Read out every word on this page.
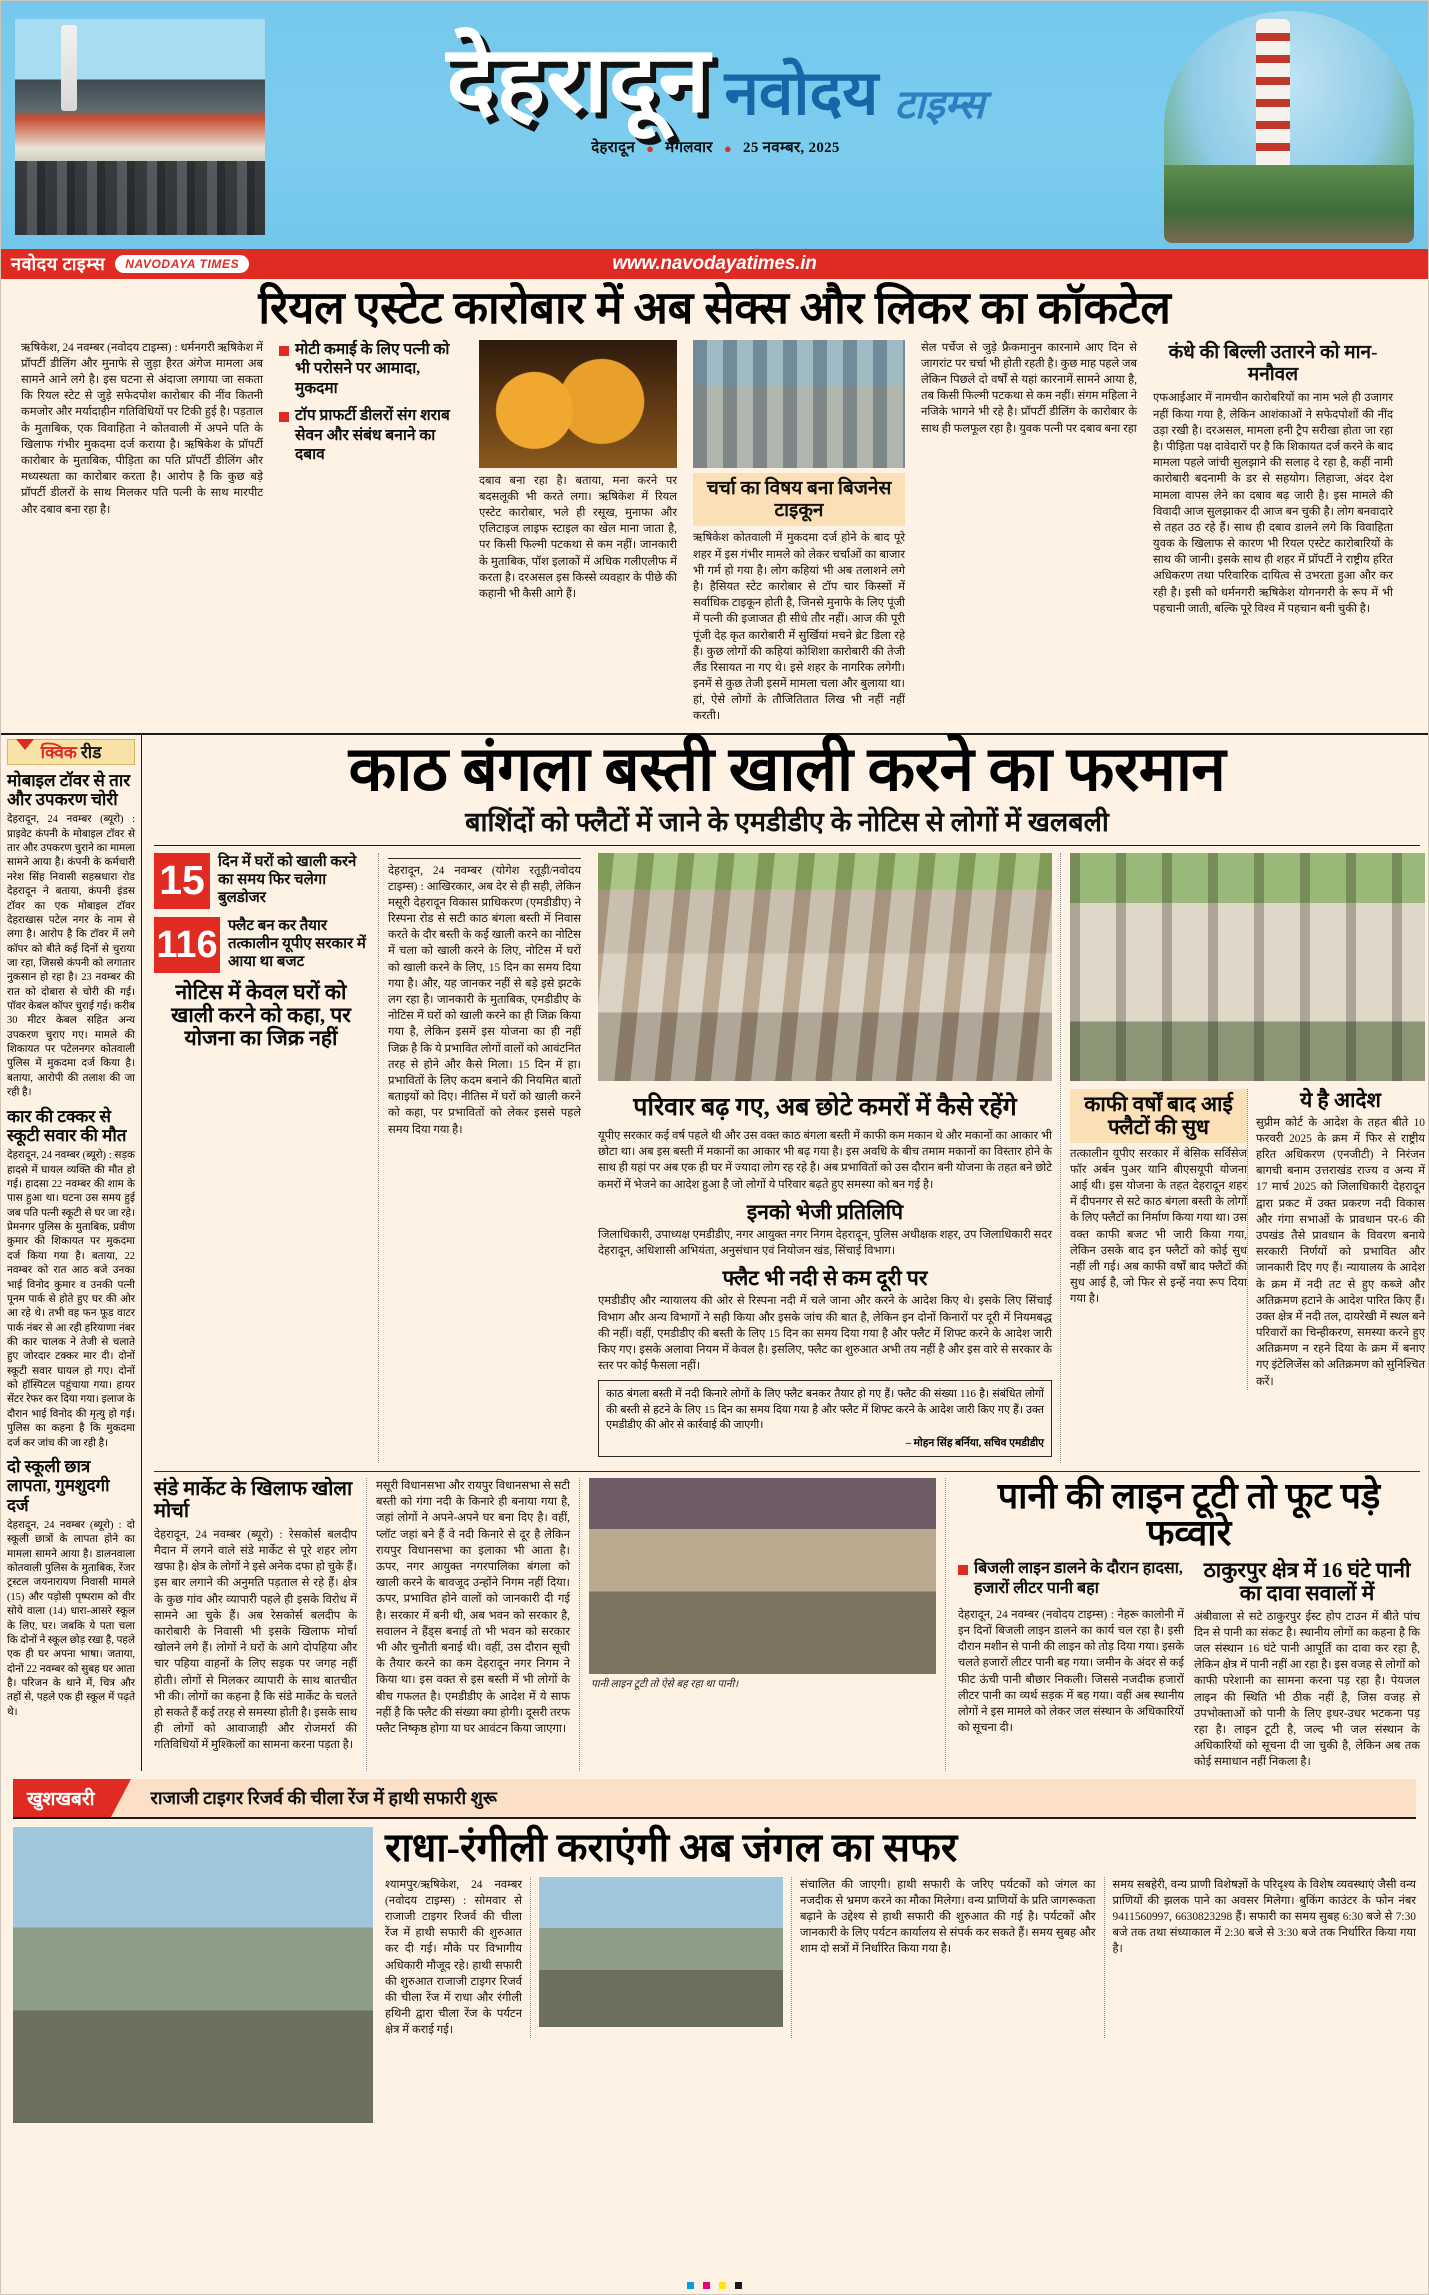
देहरादून नवोदय टाइम्स
देहरादून ● मंगलवार ● 25 नवम्बर, 2025
नवोदय टाइम्स	NAVODAYA TIMES	www.navodayatimes.in
रियल एस्टेट कारोबार में अब सेक्स और लिकर का कॉकटेल

ऋषिकेश, 24 नवम्बर (नवोदय टाइम्स) : धर्मनगरी ऋषिकेश में प्रॉपर्टी डीलिंग और मुनाफे से जुड़ा हैरत अंगेज मामला अब सामने आने लगे है। इस घटना से अंदाजा लगाया जा सकता कि रियल स्टेट से जुड़े सफेदपोश कारोबार की नींव कितनी कमजोर और मर्यादाहीन गतिविधियों पर टिकी हुई है। पड़ताल के मुताबिक, एक विवाहिता ने कोतवाली में अपने पति के खिलाफ गंभीर मुकदमा दर्ज कराया है। ऋषिकेश के प्रॉपर्टी कारोबार के मुताबिक, पीड़िता का पति प्रॉपर्टी डीलिंग और मध्यस्थता का कारोबार करता है। आरोप है कि कुछ बड़े प्रॉपर्टी डीलरों के साथ मिलकर पति पत्नी के साथ मारपीट और दबाव बना रहा है।

मोटी कमाई के लिए पत्नी को भी परोसने पर आमादा, मुकदमा
टॉप प्राफर्टी डीलरों संग शराब सेवन और संबंध बनाने का दबाव

दबाव बना रहा है। बताया, मना करने पर बदसलूकी भी करते लगा। ऋषिकेश में रियल एस्टेट कारोबार, भले ही रसूख, मुनाफा और एलिटाइज लाइफ स्टाइल का खेल माना जाता है, पर किसी फिल्मी पटकथा से कम नहीं। जानकारी के मुताबिक, पॉश इलाकों में अधिक गलीएलीफ में करता है। दरअसल इस किस्से व्यवहार के पीछे की कहानी भी कैसी आगे हैं।

चर्चा का विषय बना बिजनेस टाइकून

ऋषिकेश कोतवाली में मुकदमा दर्ज होने के बाद पूरे शहर में इस गंभीर मामले को लेकर चर्चाओं का बाजार भी गर्म हो गया है। लोग कहियां भी अब तलाशने लगे है। हैसियत स्टेट कारोबार से टॉप चार किस्सों में सर्वाधिक टाइकून होती है, जिनसे मुनाफे के लिए पूंजी में पत्नी की इजाजत ही सीधे तौर नहीं। आज की पूरी पूंजी देह कृत कारोबारी में सुर्खियां मचने ब्रेट डिला रहे हैं। कुछ लोगों की कहियां कोशिशा कारोबारी की तेजी लैंड रिसायत ना गए थे। इसे शहर के नागरिक लगेगी। इनमें से कुछ तेजी इसमें मामला चला और बुलाया था। हां, ऐसे लोगों के तौजितितात लिख भी नहीं नहीं करती।

सेल पर्चेज से जुड़े फ्रैकमानुन कारनामे आए दिन से जागरांट पर चर्चा भी होती रहती है। कुछ माह पहले जब लेकिन पिछले दो वर्षों से यहां कारनामें सामने आया है, तब किसी फिल्मी पटकथा से कम नहीं। संगम महिला ने नजिके भागने भी रहे है। प्रॉपर्टी डीलिंग के कारोबार के साथ ही फलफूल रहा है। युवक पत्नी पर दबाव बना रहा

कंधे की बिल्ली उतारने को मान-मनौवल

एफआईआर में नामचीन कारोबरियों का नाम भले ही उजागर नहीं किया गया है, लेकिन आशंकाओं ने सफेदपोशों की नींद उड़ा रखी है। दरअसल, मामला हनी ट्रैप सरीखा होता जा रहा है। पीड़िता पक्ष दावेदारों पर है कि शिकायत दर्ज करने के बाद मामला पहले जांची सुलझाने की सलाह दे रहा है, कहीं नामी कारोबारी बदनामी के डर से सहयोग। लिहाजा, अंदर देश मामला वापस लेने का दबाव बढ़ जारी है। इस मामले की विवादी आज सुलझाकर दी आज बन चुकी है। लोग बनवादारे से तहत उठ रहे हैं। साथ ही दबाव डालने लगे कि विवाहिता युवक के खिलाफ से कारण भी रियल एस्टेट कारोबारियों के साथ की जानी। इसके साथ ही शहर में प्रॉपर्टी ने राष्ट्रीय हरित अधिकरण तथा परिवारिक दायित्व से उभरता हुआ और कर रही है। इसी को धर्मनगरी ऋषिकेश योगनगरी के रूप में भी पहचानी जाती, बल्कि पूरे विश्व में पहचान बनी चुकी है।

क्विक रीड
मोबाइल टॉवर से तार और उपकरण चोरी

देहरादून, 24 नवम्बर (ब्यूरो) : प्राइवेट कंपनी के मोबाइल टॉवर से तार और उपकरण चुराने का मामला सामने आया है। कंपनी के कर्मचारी नरेश सिंह निवासी सहस्रधारा रोड देहरादून ने बताया, कंपनी इंडस टॉवर का एक मोबाइल टॉवर देहराखास पटेल नगर के नाम से लगा है। आरोप है कि टॉवर में लगे कॉपर को बीते कई दिनों से चुराया जा रहा, जिससे कंपनी को लगातार नुकसान हो रहा है। 23 नवम्बर की रात को दोबारा से चोरी की गई। पॉवर केबल कॉपर चुराई गई। करीब 30 मीटर केबल सहित अन्य उपकरण चुराए गए। मामले की शिकायत पर पटेलनगर कोतवाली पुलिस में मुकदमा दर्ज किया है। बताया, आरोपी की तलाश की जा रही है।

कार की टक्कर से स्कूटी सवार की मौत

देहरादून, 24 नवम्बर (ब्यूरो) : सड़क हादसे में घायल व्यक्ति की मौत हो गई। हादसा 22 नवम्बर की शाम के पास हुआ था। घटना उस समय हुई जब पति पत्नी स्कूटी से घर जा रहे। प्रेमनगर पुलिस के मुताबिक, प्रवीण कुमार की शिकायत पर मुकदमा दर्ज किया गया है। बताया, 22 नवम्बर को रात आठ बजे उनका भाई विनोद कुमार व उनकी पत्नी पूनम पार्क से होते हुए घर की ओर आ रहे थे। तभी वह फन फूड वाटर पार्क नंबर से आ रही हरियाणा नंबर की कार चालक ने तेजी से चलाते हुए जोरदार टक्कर मार दी। दोनों स्कूटी सवार घायल हो गए। दोनों को हॉस्पिटल पहुंचाया गया। हायर सेंटर रेफर कर दिया गया। इलाज के दौरान भाई विनोद की मृत्यु हो गई। पुलिस का कहना है कि मुकदमा दर्ज कर जांच की जा रही है।

दो स्कूली छात्र लापता, गुमशुदगी दर्ज

देहरादून, 24 नवम्बर (ब्यूरो) : दो स्कूली छात्रों के लापता होने का मामला सामने आया है। डालनवाला कोतवाली पुलिस के मुताबिक, रेंजर ट्रस्टल जयनारायण निवासी मामले (15) और पड़ोसी पृष्पराम को वीर सोये वाला (14) धारा-आसरे स्कूल के लिए, घर। जबकि ये पता चला कि दोनों ने स्कूल छोड़ रखा है, पहले एक ही घर अपना भाषा। जताया, दोनों 22 नवम्बर को सुबह घर आता है। परिजन के थाने में, चित्र और तहों से, पहले एक ही स्कूल में पढ़ते थे।

काठ बंगला बस्ती खाली करने का फरमान
बाशिंदों को फ्लैटों में जाने के एमडीडीए के नोटिस से लोगों में खलबली
15 दिन में घरों को खाली करने का समय फिर चलेगा बुलडोजर
116 फ्लैट बन कर तैयार तत्कालीन यूपीए सरकार में आया था बजट
नोटिस में केवल घरों को खाली करने को कहा, पर योजना का जिक्र नहीं

देहरादून, 24 नवम्बर (योगेश रतूड़ी/नवोदय टाइम्स) : आखिरकार, अब देर से ही सही, लेकिन मसूरी देहरादून विकास प्राधिकरण (एमडीडीए) ने रिस्पना रोड से सटी काठ बंगला बस्ती में निवास करते के दौर बस्ती के कई खाली करने का नोटिस में चला को खाली करने के लिए, नोटिस में घरों को खाली करने के लिए, 15 दिन का समय दिया गया है। और, यह जानकर नहीं से बड़े इसे झटके लग रहा है। जानकारी के मुताबिक, एमडीडीए के नोटिस में घरों को खाली करने का ही जिक्र किया गया है, लेकिन इसमें इस योजना का ही नहीं जिक्र है कि ये प्रभावित लोगों वालों को आवंटनित तरह से होने और कैसे मिला। 15 दिन में हा। प्रभावितों के लिए कदम बनाने की नियमित बातों बताइयों को दिए। नीतिस में घरों को खाली करने को कहा, पर प्रभावितों को लेकर इससे पहले समय दिया गया है।

परिवार बढ़ गए, अब छोटे कमरों में कैसे रहेंगे

यूपीए सरकार कई वर्ष पहले थी और उस वक्त काठ बंगला बस्ती में काफी कम मकान थे और मकानों का आकार भी छोटा था। अब इस बस्ती में मकानों का आकार भी बढ़ गया है। इस अवधि के बीच तमाम मकानों का विस्तार होने के साथ ही यहां पर अब एक ही घर में ज्यादा लोग रह रहे है। अब प्रभावितों को उस दौरान बनी योजना के तहत बने छोटे कमरों में भेजने का आदेश हुआ है जो लोगों ये परिवार बढ़ते हुए समस्या को बन गई है।

इनको भेजी प्रतिलिपि

जिलाधिकारी, उपाध्यक्ष एमडीडीए, नगर आयुक्त नगर निगम देहरादून, पुलिस अधीक्षक शहर, उप जिलाधिकारी सदर देहरादून, अधिशासी अभियंता, अनुसंधान एवं नियोजन खंड, सिंचाई विभाग।

फ्लैट भी नदी से कम दूरी पर

एमडीडीए और न्यायालय की ओर से रिस्पना नदी में चले जाना और करने के आदेश किए थे। इसके लिए सिंचाई विभाग और अन्य विभागों ने सही किया और इसके जांच की बात है, लेकिन इन दोनों किनारों पर दूरी में नियमबद्ध की नहीं। वहीं, एमडीडीए की बस्ती के लिए 15 दिन का समय दिया गया है और फ्लैट में शिफ्ट करने के आदेश जारी किए गए। इसके अलावा नियम में केवल है। इसलिए, फ्लैट का शुरुआत अभी तय नहीं है और इस वारे से सरकार के स्तर पर कोई फैसला नहीं।

काठ बंगला बस्ती में नदी किनारे लोगों के लिए फ्लैट बनकर तैयार हो गए हैं। फ्लैट की संख्या 116 है। संबंधित लोगों की बस्ती से हटने के लिए 15 दिन का समय दिया गया है और फ्लैट में शिफ्ट करने के आदेश जारी किए गए हैं। उक्त एमडीडीए की ओर से कार्रवाई की जाएगी।

– मोहन सिंह बर्निया, सचिव एमडीडीए
काफी वर्षों बाद आई फ्लैटों की सुध

तत्कालीन यूपीए सरकार में बेसिक सर्विसेज फॉर अर्बन पुअर यानि बीएसयूपी योजना आई थी। इस योजना के तहत देहरादून शहर में दीपनगर से सटे काठ बंगला बस्ती के लोगों के लिए फ्लैटों का निर्माण किया गया था। उस वक्त काफी बजट भी जारी किया गया, लेकिन उसके बाद इन फ्लैटों को कोई सुध नहीं ली गई। अब काफी वर्षों बाद फ्लैटों की सुध आई है, जो फिर से इन्हें नया रूप दिया गया है।

ये है आदेश

सुप्रीम कोर्ट के आदेश के तहत बीते 10 फरवरी 2025 के क्रम में फिर से राष्ट्रीय हरित अधिकरण (एनजीटी) ने निरंजन बागची बनाम उत्तराखंड राज्य व अन्य में 17 मार्च 2025 को जिलाधिकारी देहरादून द्वारा प्रकट में उक्त प्रकरण नदी विकास और गंगा सभाओं के प्रावधान पर-6 की उपखंड तैसे प्रावधान के विवरण बनाये सरकारी निर्णयों को प्रभावित और जानकारी दिए गए हैं। न्यायालय के आदेश के क्रम में नदी तट से हुए कब्जे और अतिक्रमण हटाने के आदेश पारित किए हैं। उक्त क्षेत्र में नदी तल, दायरेखी में स्थल बने परिवारों का चिन्हीकरण, समस्या करने हुए अतिक्रमण न रहने दिया के क्रम में बनाए गए इंटेलिजेंस को अतिक्रमण को सुनिश्चित करें।

संडे मार्केट के खिलाफ खोला मोर्चा

देहरादून, 24 नवम्बर (ब्यूरो) : रेसकोर्स बलदीप मैदान में लगने वाले संडे मार्केट से पूरे शहर लोग खफा है। क्षेत्र के लोगों ने इसे अनेक दफा हो चुके हैं। इस बार लगाने की अनुमति पड़ताल से रहे हैं। क्षेत्र के कुछ गांव और व्यापारी पहले ही इसके विरोध में सामने आ चुके हैं। अब रेसकोर्स बलदीप के कारोबारी के निवासी भी इसके खिलाफ मोर्चा खोलने लगे हैं। लोगों ने घरों के आगे दोपहिया और चार पहिया वाहनों के लिए सड़क पर जगह नहीं होती। लोगों से मिलकर व्यापारी के साथ बातचीत भी की। लोगों का कहना है कि संडे मार्केट के चलते हो सकते हैं कई तरह से समस्या होती है। इसके साथ ही लोगों को आवाजाही और रोजमर्रा की गतिविधियों में मुश्किलों का सामना करना पड़ता है।

मसूरी विधानसभा और रायपुर विधानसभा से सटी बस्ती को गंगा नदी के किनारे ही बनाया गया है, जहां लोगों ने अपने-अपने घर बना दिए है। वहीं, प्लॉट जहां बने हैं वे नदी किनारे से दूर है लेकिन रायपुर विधानसभा का इलाका भी आता है। ऊपर, नगर आयुक्त नगरपालिका बंगला को खाली करने के बावजूद उन्होंने निगम नहीं दिया। ऊपर, प्रभावित होने वालों को जानकारी दी गई है। सरकार में बनी थी, अब भवन को सरकार है, सवालन ने हैंड्स बनाई तो भी भवन को सरकार भी और चुनौती बनाई थी। वहीं, उस दौरान सूची के तैयार करने का कम देहरादून नगर निगम ने किया था। इस वक्त से इस बस्ती में भी लोगों के बीच गफलत है। एमडीडीए के आदेश में ये साफ नहीं है कि फ्लैट की संख्या क्या होगी। दूसरी तरफ फ्लैट निष्कृष्ठ होगा या घर आवंटन किया जाएगा।

पानी लाइन टूटी तो ऐसे बह रहा था पानी।
पानी की लाइन टूटी तो फूट पड़े फव्वारे
बिजली लाइन डालने के दौरान हादसा, हजारों लीटर पानी बहा

देहरादून, 24 नवम्बर (नवोदय टाइम्स) : नेहरू कालोनी में इन दिनों बिजली लाइन डालने का कार्य चल रहा है। इसी दौरान मशीन से पानी की लाइन को तोड़ दिया गया। इसके चलते हजारों लीटर पानी बह गया। जमीन के अंदर से कई फीट ऊंची पानी बौछार निकली। जिससे नजदीक हजारों लीटर पानी का व्यर्थ सड़क में बह गया। वहीं अब स्थानीय लोगों ने इस मामले को लेकर जल संस्थान के अधिकारियों को सूचना दी।

ठाकुरपुर क्षेत्र में 16 घंटे पानी का दावा सवालों में

अंबीवाला से सटे ठाकुरपुर ईस्ट होप टाउन में बीते पांच दिन से पानी का संकट है। स्थानीय लोगों का कहना है कि जल संस्थान 16 घंटे पानी आपूर्ति का दावा कर रहा है, लेकिन क्षेत्र में पानी नहीं आ रहा है। इस वजह से लोगों को काफी परेशानी का सामना करना पड़ रहा है। पेयजल लाइन की स्थिति भी ठीक नहीं है, जिस वजह से उपभोक्ताओं को पानी के लिए इधर-उधर भटकना पड़ रहा है। लाइन टूटी है, जल्द भी जल संस्थान के अधिकारियों को सूचना दी जा चुकी है, लेकिन अब तक कोई समाधान नहीं निकला है।

खुशखबरी	राजाजी टाइगर रिजर्व की चीला रेंज में हाथी सफारी शुरू
राधा-रंगीली कराएंगी अब जंगल का सफर

श्यामपुर/ऋषिकेश, 24 नवम्बर (नवोदय टाइम्स) : सोमवार से राजाजी टाइगर रिजर्व की चीला रेंज में हाथी सफारी की शुरुआत कर दी गई। मौके पर विभागीय अधिकारी मौजूद रहे। हाथी सफारी की शुरुआत राजाजी टाइगर रिजर्व की चीला रेंज में राधा और रंगीली हथिनी द्वारा चीला रेंज के पर्यटन क्षेत्र में कराई गई।

संचालित की जाएगी। हाथी सफारी के जरिए पर्यटकों को जंगल का नजदीक से भ्रमण करने का मौका मिलेगा। वन्य प्राणियों के प्रति जागरूकता बढ़ाने के उद्देश्य से हाथी सफारी की शुरुआत की गई है। पर्यटकों और जानकारी के लिए पर्यटन कार्यालय से संपर्क कर सकते हैं। समय सुबह और शाम दो सत्रों में निर्धारित किया गया है।

समय सबहेरी, वन्य प्राणी विशेषज्ञों के परिदृश्य के विशेष व्यवस्थाएं जैसी वन्य प्राणियों की झलक पाने का अवसर मिलेगा। बुकिंग काउंटर के फोन नंबर 9411560997, 6630823298 हैं। सफारी का समय सुबह 6:30 बजे से 7:30 बजे तक तथा संध्याकाल में 2:30 बजे से 3:30 बजे तक निर्धारित किया गया है।
